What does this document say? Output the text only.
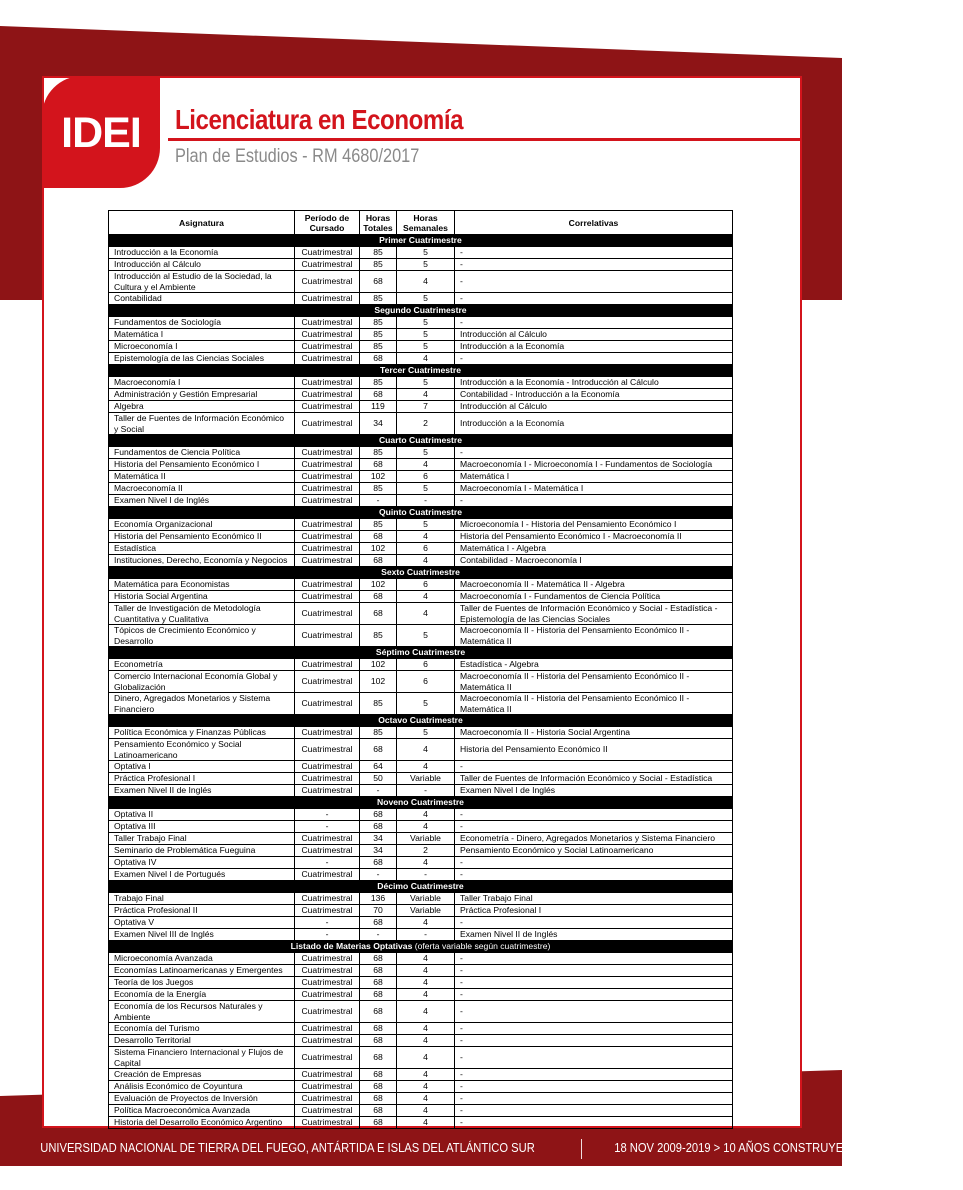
IDEI	Licenciatura en Economía
Plan de Estudios - RM 4680/2017
Asignatura	Período de Cursado	Horas Totales	Horas Semanales	Correlativas
Primer Cuatrimestre				
Introducción a la Economía	Cuatrimestral	85	5	-
Introducción al Cálculo	Cuatrimestral	85	5	-
Introducción al Estudio de la Sociedad, la Cultura y el Ambiente	Cuatrimestral	68	4	-
Contabilidad	Cuatrimestral	85	5	-
Segundo Cuatrimestre				
Fundamentos de Sociología	Cuatrimestral	85	5	-
Matemática I	Cuatrimestral	85	5	Introducción al Cálculo
Microeconomía I	Cuatrimestral	85	5	Introducción a la Economía
Epistemología de las Ciencias Sociales	Cuatrimestral	68	4	-
Tercer Cuatrimestre				
Macroeconomía I	Cuatrimestral	85	5	Introducción a la Economía - Introducción al Cálculo
Administración y Gestión Empresarial	Cuatrimestral	68	4	Contabilidad - Introducción a la Economía
Algebra	Cuatrimestral	119	7	Introducción al Cálculo
Taller de Fuentes de Información Económico y Social	Cuatrimestral	34	2	Introducción a la Economía
Cuarto Cuatrimestre				
Fundamentos de Ciencia Política	Cuatrimestral	85	5	-
Historia del Pensamiento Económico I	Cuatrimestral	68	4	Macroeconomía I - Microeconomía I - Fundamentos de Sociología
Matemática II	Cuatrimestral	102	6	Matemática I
Macroeconomía II	Cuatrimestral	85	5	Macroeconomía I - Matemática I
Examen Nivel I de Inglés	Cuatrimestral	-	-	-
Quinto Cuatrimestre				
Economía Organizacional	Cuatrimestral	85	5	Microeconomía I - Historia del Pensamiento Económico I
Historia del Pensamiento Económico II	Cuatrimestral	68	4	Historia del Pensamiento Económico I - Macroeconomía II
Estadística	Cuatrimestral	102	6	Matemática I - Algebra
Instituciones, Derecho, Economía y Negocios	Cuatrimestral	68	4	Contabilidad - Macroeconomía I
Sexto Cuatrimestre				
Matemática para Economistas	Cuatrimestral	102	6	Macroeconomía II - Matemática II - Algebra
Historia Social Argentina	Cuatrimestral	68	4	Macroeconomía I - Fundamentos de Ciencia Política
Taller de Investigación de Metodología Cuantitativa y Cualitativa	Cuatrimestral	68	4	Taller de Fuentes de Información Económico y Social - Estadística - Epistemología de las Ciencias Sociales
Tópicos de Crecimiento Económico y Desarrollo	Cuatrimestral	85	5	Macroeconomía II - Historia del Pensamiento Económico II - Matemática II
Séptimo Cuatrimestre				
Econometría	Cuatrimestral	102	6	Estadística - Algebra
Comercio Internacional Economía Global y Globalización	Cuatrimestral	102	6	Macroeconomía II - Historia del Pensamiento Económico II - Matemática II
Dinero, Agregados Monetarios y Sistema Financiero	Cuatrimestral	85	5	Macroeconomía II - Historia del Pensamiento Económico II - Matemática II
Octavo Cuatrimestre				
Política Económica y Finanzas Públicas	Cuatrimestral	85	5	Macroeconomía II - Historia Social Argentina
Pensamiento Económico y Social Latinoamericano	Cuatrimestral	68	4	Historia del Pensamiento Económico II
Optativa I	Cuatrimestral	64	4	-
Práctica Profesional I	Cuatrimestral	50	Variable	Taller de Fuentes de Información Económico y Social - Estadística
Examen Nivel II de Inglés	Cuatrimestral	-	-	Examen Nivel I de Inglés
Noveno Cuatrimestre				
Optativa II	-	68	4	-
Optativa III	-	68	4	-
Taller Trabajo Final	Cuatrimestral	34	Variable	Econometría - Dinero, Agregados Monetarios y Sistema Financiero
Seminario de Problemática Fueguina	Cuatrimestral	34	2	Pensamiento Económico y Social Latinoamericano
Optativa IV	-	68	4	-
Examen Nivel I de Portugués	Cuatrimestral	-	-	-
Décimo Cuatrimestre				
Trabajo Final	Cuatrimestral	136	Variable	Taller Trabajo Final
Práctica Profesional II	Cuatrimestral	70	Variable	Práctica Profesional I
Optativa V	-	68	4	-
Examen Nivel III de Inglés	-	-	-	Examen Nivel II de Inglés
Listado de Materias Optativas (oferta variable según cuatrimestre)				
Microeconomía Avanzada	Cuatrimestral	68	4	-
Economías Latinoamericanas y Emergentes	Cuatrimestral	68	4	-
Teoría de los Juegos	Cuatrimestral	68	4	-
Economía de la Energía	Cuatrimestral	68	4	-
Economía de los Recursos Naturales y Ambiente	Cuatrimestral	68	4	-
Economía del Turismo	Cuatrimestral	68	4	-
Desarrollo Territorial	Cuatrimestral	68	4	-
Sistema Financiero Internacional y Flujos de Capital	Cuatrimestral	68	4	-
Creación de Empresas	Cuatrimestral	68	4	-
Análisis Económico de Coyuntura	Cuatrimestral	68	4	-
Evaluación de Proyectos de Inversión	Cuatrimestral	68	4	-
Política Macroeconómica Avanzada	Cuatrimestral	68	4	-
Historia del Desarrollo Económico Argentino	Cuatrimestral	68	4	-
UNIVERSIDAD NACIONAL DE TIERRA DEL FUEGO, ANTÁRTIDA E ISLAS DEL ATLÁNTICO SUR	18 NOV 2009-2019 > 10 AÑOS CONSTRUYENDO SOBERANÍA
